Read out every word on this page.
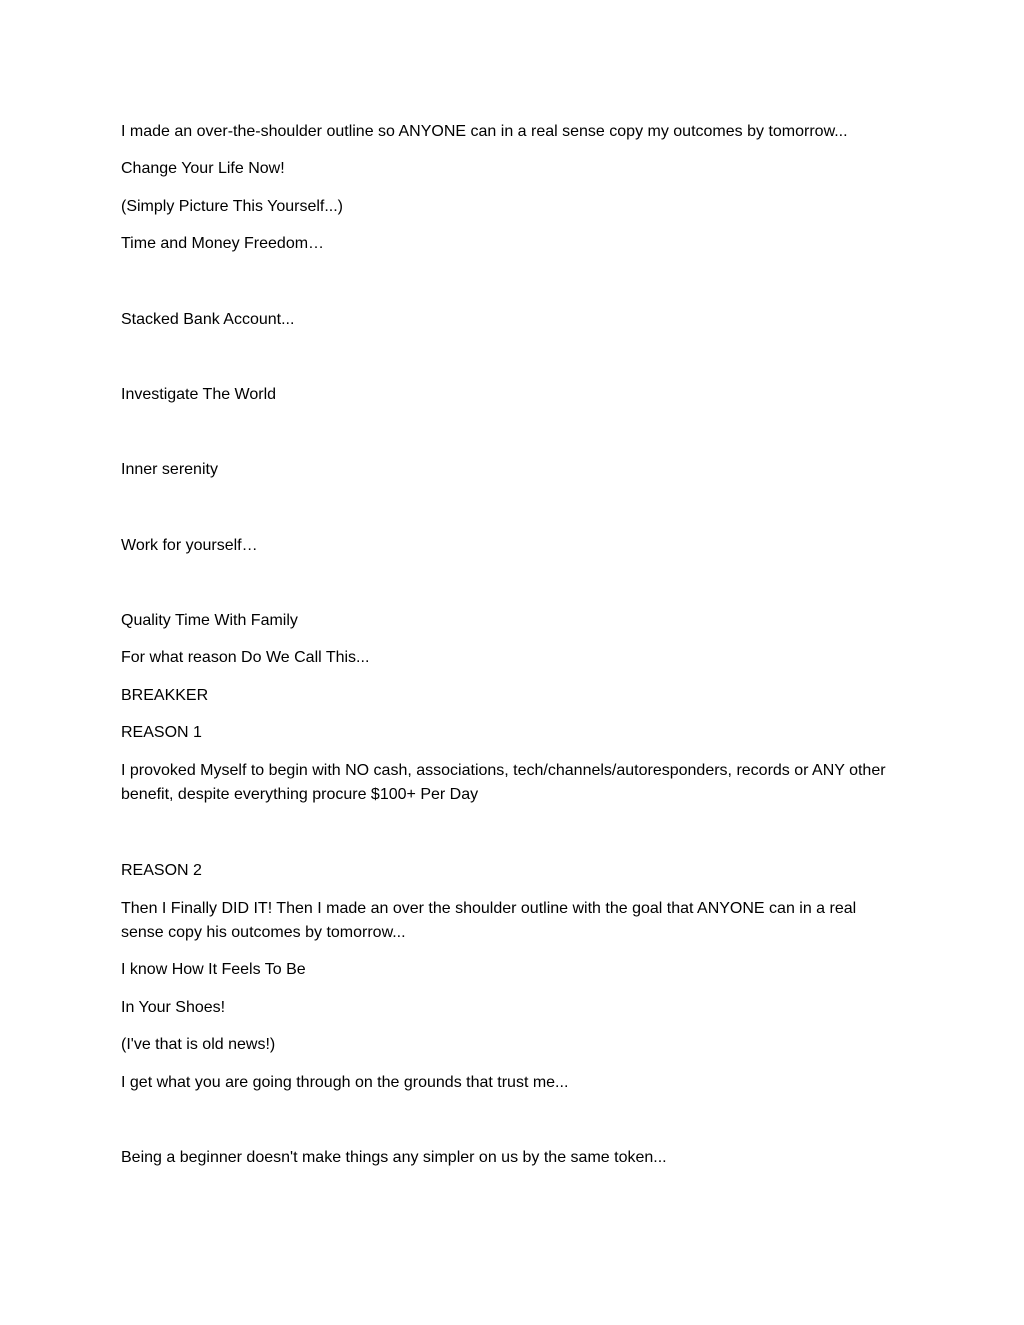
I made an over-the-shoulder outline so ANYONE can in a real sense copy my outcomes by tomorrow...

Change Your Life Now!

(Simply Picture This Yourself...)

Time and Money Freedom…

Stacked Bank Account...

Investigate The World

Inner serenity

Work for yourself…

Quality Time With Family

For what reason Do We Call This...

BREAKKER

REASON 1

I provoked Myself to begin with NO cash, associations, tech/channels/autoresponders, records or ANY other benefit, despite everything procure $100+ Per Day

REASON 2

Then I Finally DID IT! Then I made an over the shoulder outline with the goal that ANYONE can in a real sense copy his outcomes by tomorrow...

I know How It Feels To Be

In Your Shoes!

(I've that is old news!)

I get what you are going through on the grounds that trust me...

Being a beginner doesn't make things any simpler on us by the same token...
